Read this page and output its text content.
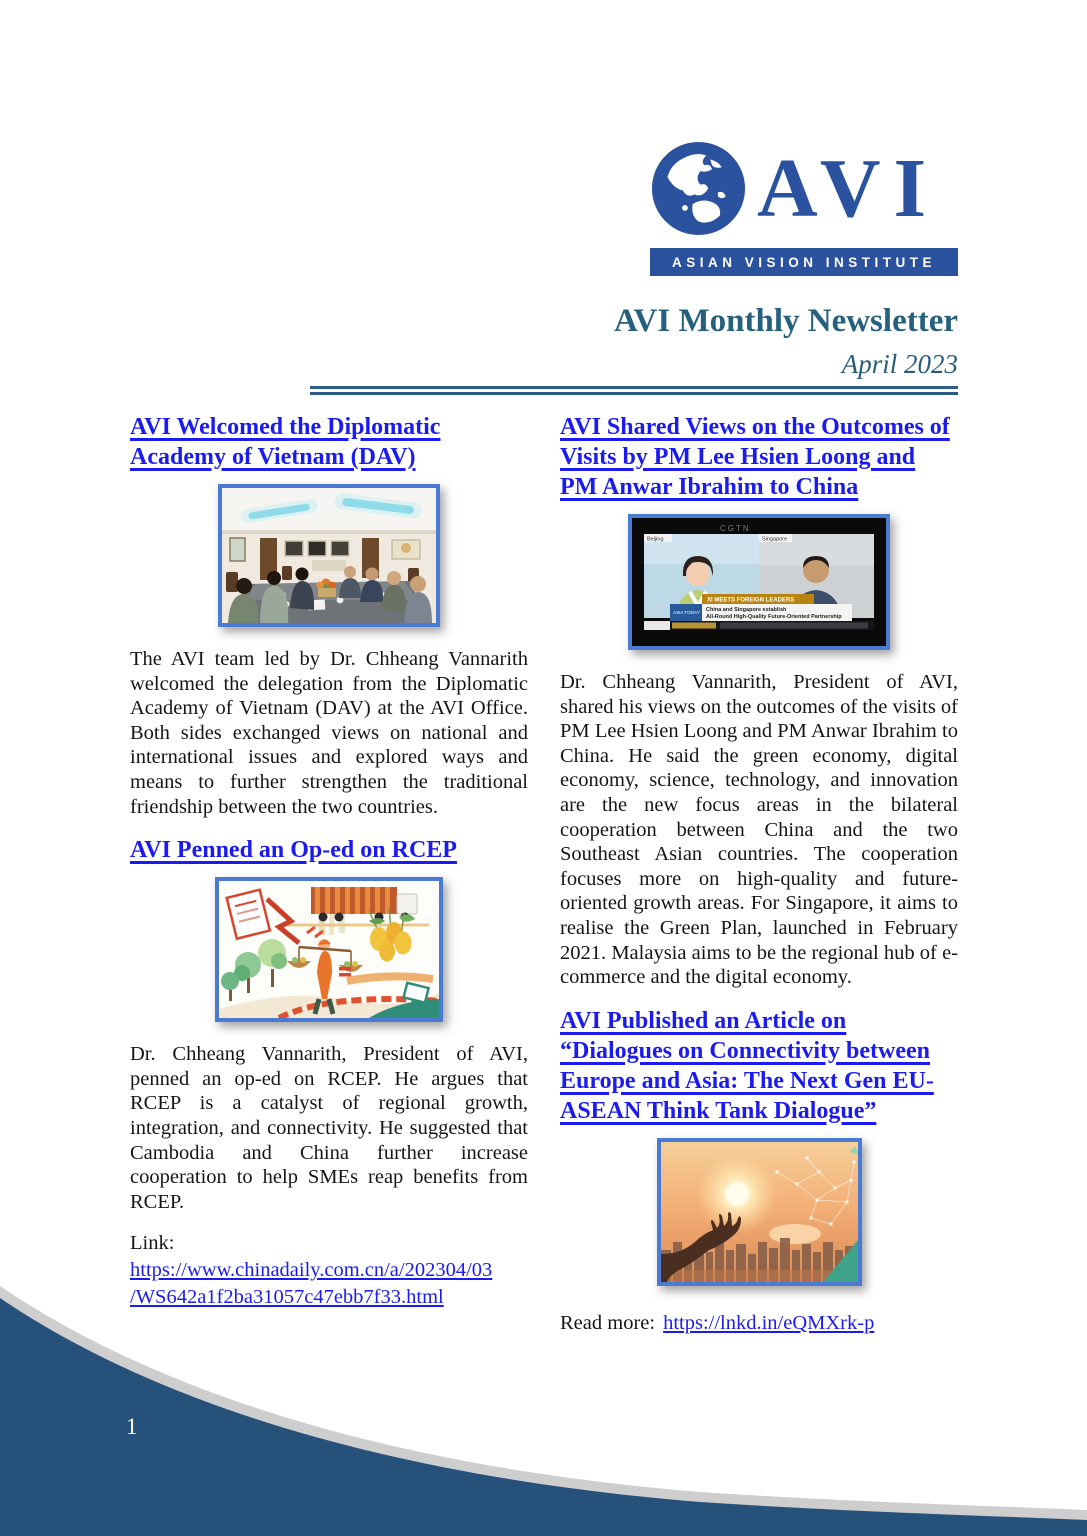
1
AVI
ASIAN VISION INSTITUTE
AVI Monthly Newsletter
April 2023
AVI Welcomed the Diplomatic Academy of Vietnam (DAV)

The AVI team led by Dr. Chheang Vannarith welcomed the delegation from the Diplomatic Academy of Vietnam (DAV) at the AVI Office. Both sides exchanged views on national and international issues and explored ways and means to further strengthen the traditional friendship between the two countries.

AVI Penned an Op-ed on RCEP

Dr. Chheang Vannarith, President of AVI, penned an op-ed on RCEP. He argues that RCEP is a catalyst of regional growth, integration, and connectivity. He suggested that Cambodia and China further increase cooperation to help SMEs reap benefits from RCEP.

Link:
https://www.chinadaily.com.cn/a/202304/03
/WS642a1f2ba31057c47ebb7f33.html

AVI Shared Views on the Outcomes of Visits by PM Lee Hsien Loong and PM Anwar Ibrahim to China
CGTN
Beijing	Singapore
XI MEETS FOREIGN LEADERS
China and Singapore establish
All-Round High-Quality Future-Oriented Partnership
ASIA TODAY

Dr. Chheang Vannarith, President of AVI, shared his views on the outcomes of the visits of PM Lee Hsien Loong and PM Anwar Ibrahim to China. He said the green economy, digital economy, science, technology, and innovation are the new focus areas in the bilateral cooperation between China and the two Southeast Asian countries. The cooperation focuses more on high-quality and future-oriented growth areas. For Singapore, it aims to realise the Green Plan, launched in February 2021. Malaysia aims to be the regional hub of e-commerce and the digital economy.

AVI Published an Article on “Dialogues on Connectivity between Europe and Asia: The Next Gen EU-ASEAN Think Tank Dialogue”

Read more: https://lnkd.in/eQMXrk-p
